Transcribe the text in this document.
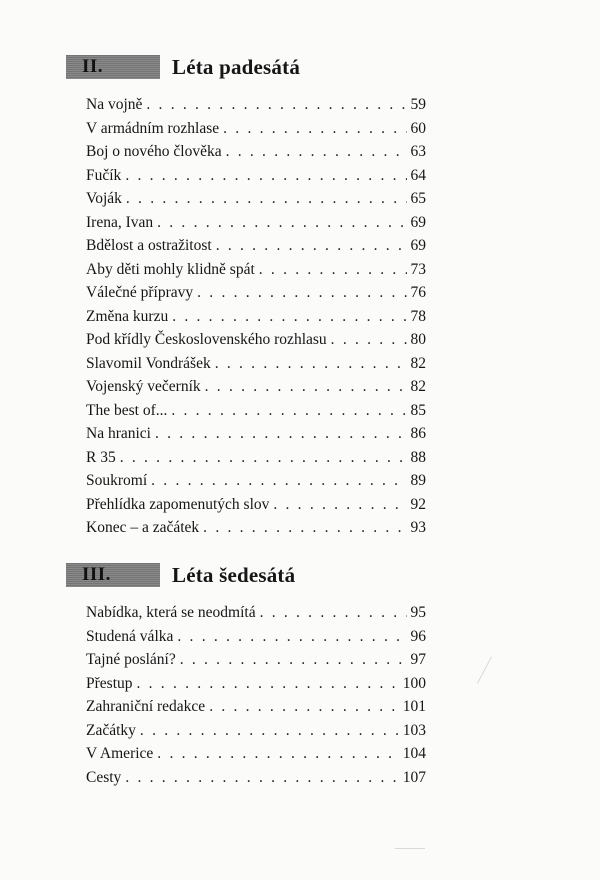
II.	Léta padesátá
Na vojně . . .	59
V armádním rozhlase . . .	60
Boj o nového člověka . . .	63
Fučík . . .	64
Voják . . .	65
Irena, Ivan . . .	69
Bdělost a ostražitost . . .	69
Aby děti mohly klidně spát . . .	73
Válečné přípravy . . .	76
Změna kurzu . . .	78
Pod křídly Československého rozhlasu . . .	80
Slavomil Vondrášek . . .	82
Vojenský večerník . . .	82
The best of... . . .	85
Na hranici . . .	86
R 35 . . .	88
Soukromí . . .	89
Přehlídka zapomenutých slov . . .	92
Konec – a začátek . . .	93
III.	Léta šedesátá
Nabídka, která se neodmítá . . .	95
Studená válka . . .	96
Tajné poslání? . . .	97
Přestup . . .	100
Zahraniční redakce . . .	101
Začátky . . .	103
V Americe . . .	104
Cesty . . .	107
